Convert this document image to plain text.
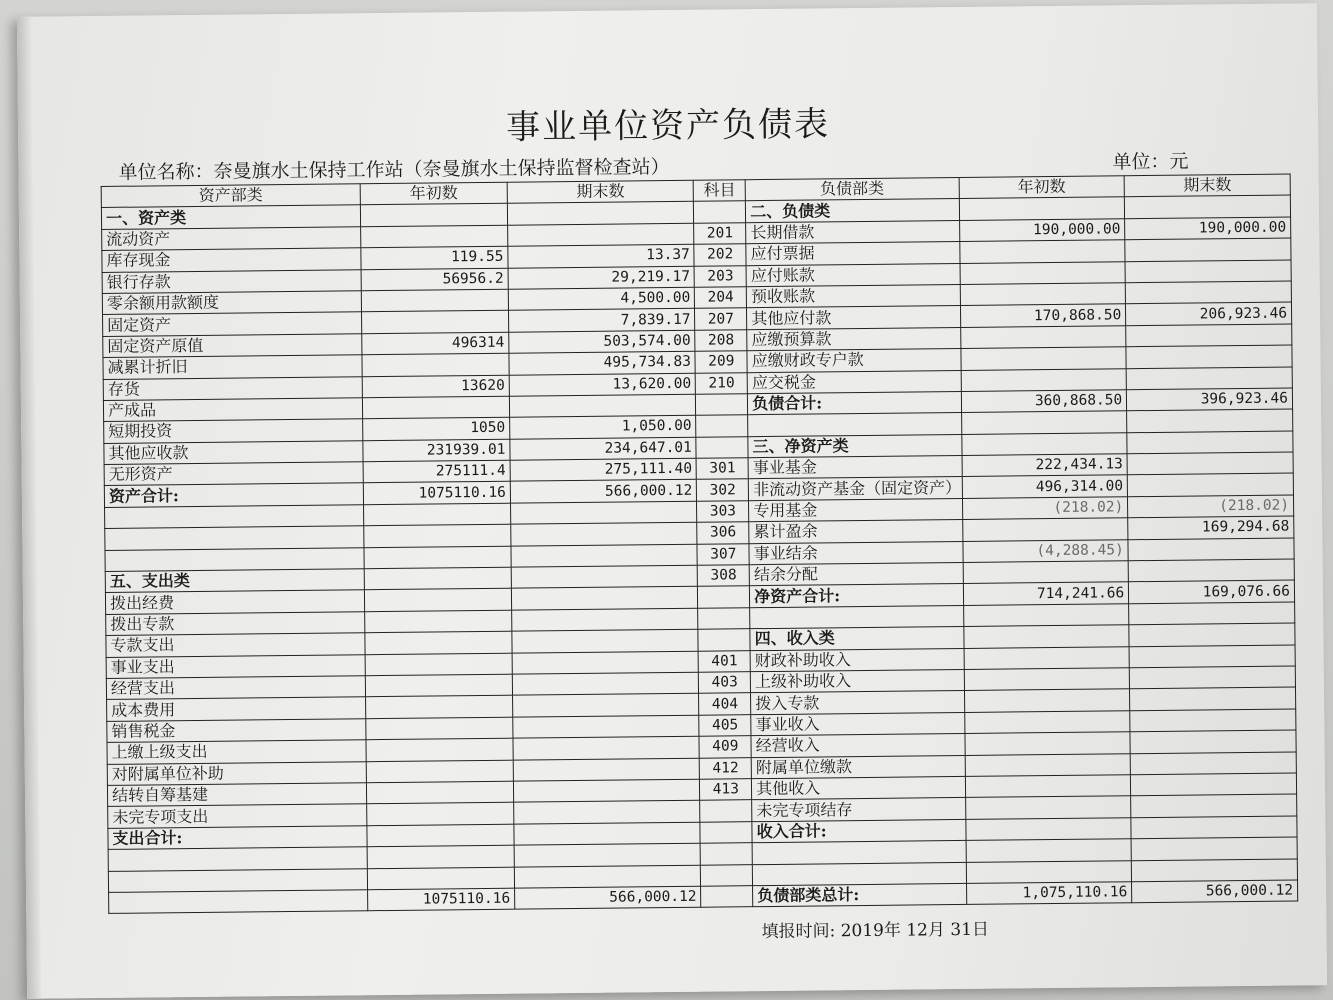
事业单位资产负债表
单位名称：奈曼旗水土保持工作站（奈曼旗水土保持监督检查站）	单位：元
资产部类	年初数	期末数	科目	负债部类	年初数	期末数
一、资产类				二、负债类		
流动资产			201	长期借款	190,000.00	190,000.00
库存现金	119.55	13.37	202	应付票据		
银行存款	56956.2	29,219.17	203	应付账款		
零余额用款额度		4,500.00	204	预收账款		
固定资产		7,839.17	207	其他应付款	170,868.50	206,923.46
固定资产原值	496314	503,574.00	208	应缴预算款		
减累计折旧		495,734.83	209	应缴财政专户款		
存货	13620	13,620.00	210	应交税金		
产成品				负债合计:	360,868.50	396,923.46
短期投资	1050	1,050.00				
其他应收款	231939.01	234,647.01		三、净资产类		
无形资产	275111.4	275,111.40	301	事业基金	222,434.13	
资产合计:	1075110.16	566,000.12	302	非流动资产基金（固定资产）	496,314.00	
			303	专用基金	(218.02)	(218.02)
			306	累计盈余		169,294.68
			307	事业结余	(4,288.45)	
五、支出类			308	结余分配		
拨出经费				净资产合计:	714,241.66	169,076.66
拨出专款						
专款支出				四、收入类		
事业支出			401	财政补助收入		
经营支出			403	上级补助收入		
成本费用			404	拨入专款		
销售税金			405	事业收入		
上缴上级支出			409	经营收入		
对附属单位补助			412	附属单位缴款		
结转自筹基建			413	其他收入		
未完专项支出				未完专项结存		
支出合计:				收入合计:		

	1075110.16	566,000.12		负债部类总计:	1,075,110.16	566,000.12
填报时间: 2019年 12月 31日
